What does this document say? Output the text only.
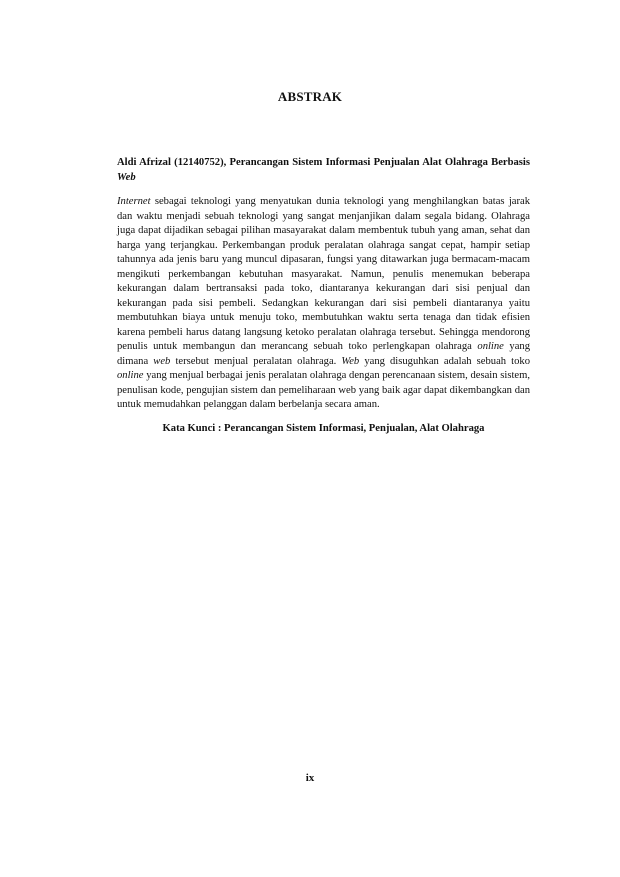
ABSTRAK

Aldi Afrizal (12140752), Perancangan Sistem Informasi Penjualan Alat Olahraga Berbasis Web

Internet sebagai teknologi yang menyatukan dunia teknologi yang menghilangkan batas jarak dan waktu menjadi sebuah teknologi yang sangat menjanjikan dalam segala bidang. Olahraga juga dapat dijadikan sebagai pilihan masayarakat dalam membentuk tubuh yang aman, sehat dan harga yang terjangkau. Perkembangan produk peralatan olahraga sangat cepat, hampir setiap tahunnya ada jenis baru yang muncul dipasaran, fungsi yang ditawarkan juga bermacam-macam mengikuti perkembangan kebutuhan masyarakat. Namun, penulis menemukan beberapa kekurangan dalam bertransaksi pada toko, diantaranya kekurangan dari sisi penjual dan kekurangan pada sisi pembeli. Sedangkan kekurangan dari sisi pembeli diantaranya yaitu membutuhkan biaya untuk menuju toko, membutuhkan waktu serta tenaga dan tidak efisien karena pembeli harus datang langsung ketoko peralatan olahraga tersebut. Sehingga mendorong penulis untuk membangun dan merancang sebuah toko perlengkapan olahraga online yang dimana web tersebut menjual peralatan olahraga. Web yang disuguhkan adalah sebuah toko online yang menjual berbagai jenis peralatan olahraga dengan perencanaan sistem, desain sistem, penulisan kode, pengujian sistem dan pemeliharaan web yang baik agar dapat dikembangkan dan untuk memudahkan pelanggan dalam berbelanja secara aman.

Kata Kunci : Perancangan Sistem Informasi, Penjualan, Alat Olahraga

ix
